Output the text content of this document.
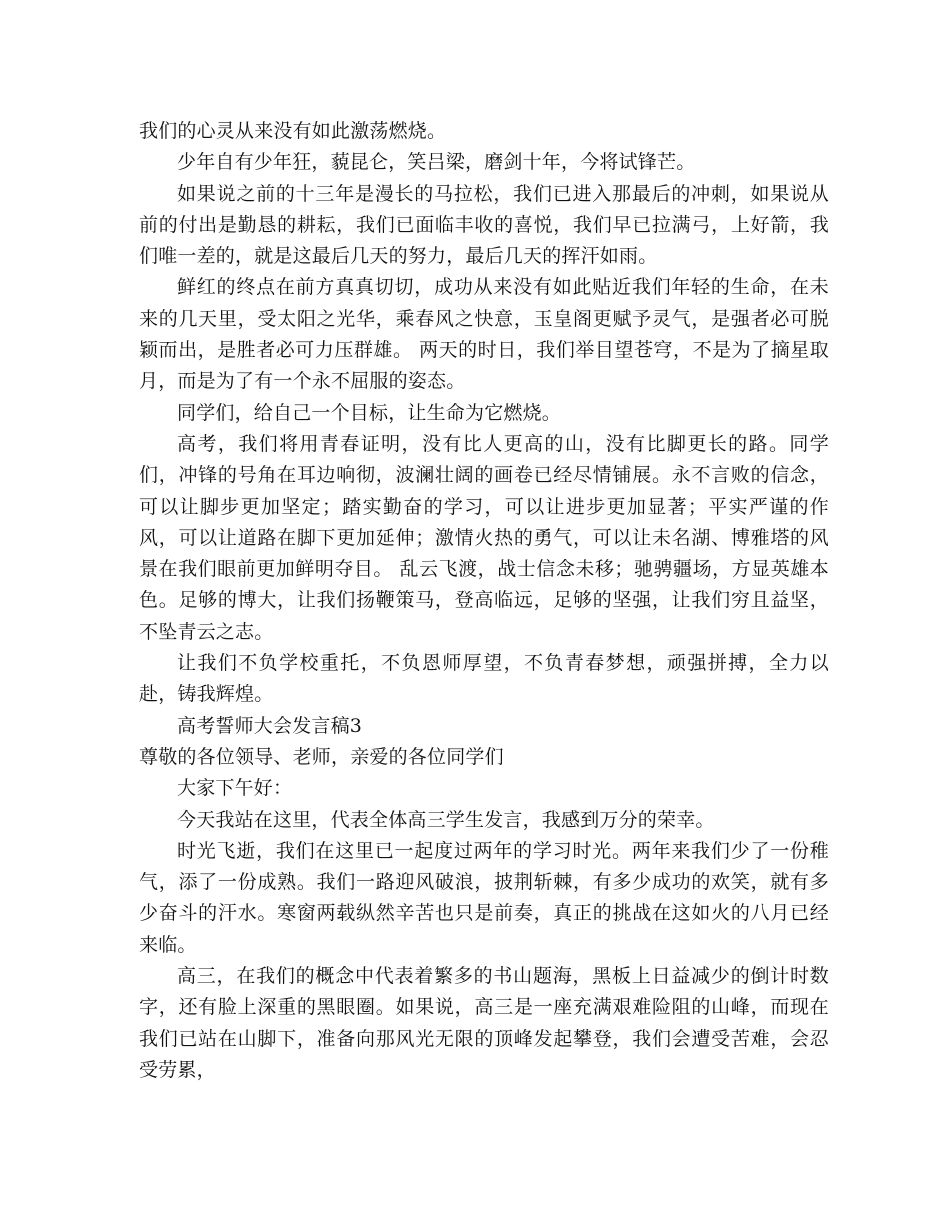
我们的心灵从来没有如此激荡燃烧。

少年自有少年狂，藐昆仑，笑吕梁，磨剑十年，今将试锋芒。

如果说之前的十三年是漫长的马拉松，我们已进入那最后的冲刺，如果说从前的付出是勤恳的耕耘，我们已面临丰收的喜悦，我们早已拉满弓，上好箭，我们唯一差的，就是这最后几天的努力，最后几天的挥汗如雨。

鲜红的终点在前方真真切切，成功从来没有如此贴近我们年轻的生命，在未来的几天里，受太阳之光华，乘春风之快意，玉皇阁更赋予灵气，是强者必可脱颖而出，是胜者必可力压群雄。 两天的时日，我们举目望苍穹，不是为了摘星取月，而是为了有一个永不屈服的姿态。

同学们，给自己一个目标，让生命为它燃烧。

高考，我们将用青春证明，没有比人更高的山，没有比脚更长的路。同学们，冲锋的号角在耳边响彻，波澜壮阔的画卷已经尽情铺展。永不言败的信念，可以让脚步更加坚定；踏实勤奋的学习，可以让进步更加显著；平实严谨的作风，可以让道路在脚下更加延伸；激情火热的勇气，可以让未名湖、博雅塔的风景在我们眼前更加鲜明夺目。 乱云飞渡，战士信念未移；驰骋疆场，方显英雄本色。足够的博大，让我们扬鞭策马，登高临远，足够的坚强，让我们穷且益坚，不坠青云之志。

让我们不负学校重托，不负恩师厚望，不负青春梦想，顽强拼搏，全力以赴，铸我辉煌。

高考誓师大会发言稿3

尊敬的各位领导、老师，亲爱的各位同学们

大家下午好：

今天我站在这里，代表全体高三学生发言，我感到万分的荣幸。

时光飞逝，我们在这里已一起度过两年的学习时光。两年来我们少了一份稚气，添了一份成熟。我们一路迎风破浪，披荆斩棘，有多少成功的欢笑，就有多少奋斗的汗水。寒窗两载纵然辛苦也只是前奏，真正的挑战在这如火的八月已经来临。

高三，在我们的概念中代表着繁多的书山题海，黑板上日益减少的倒计时数字，还有脸上深重的黑眼圈。如果说，高三是一座充满艰难险阻的山峰，而现在我们已站在山脚下，准备向那风光无限的顶峰发起攀登，我们会遭受苦难，会忍受劳累，
